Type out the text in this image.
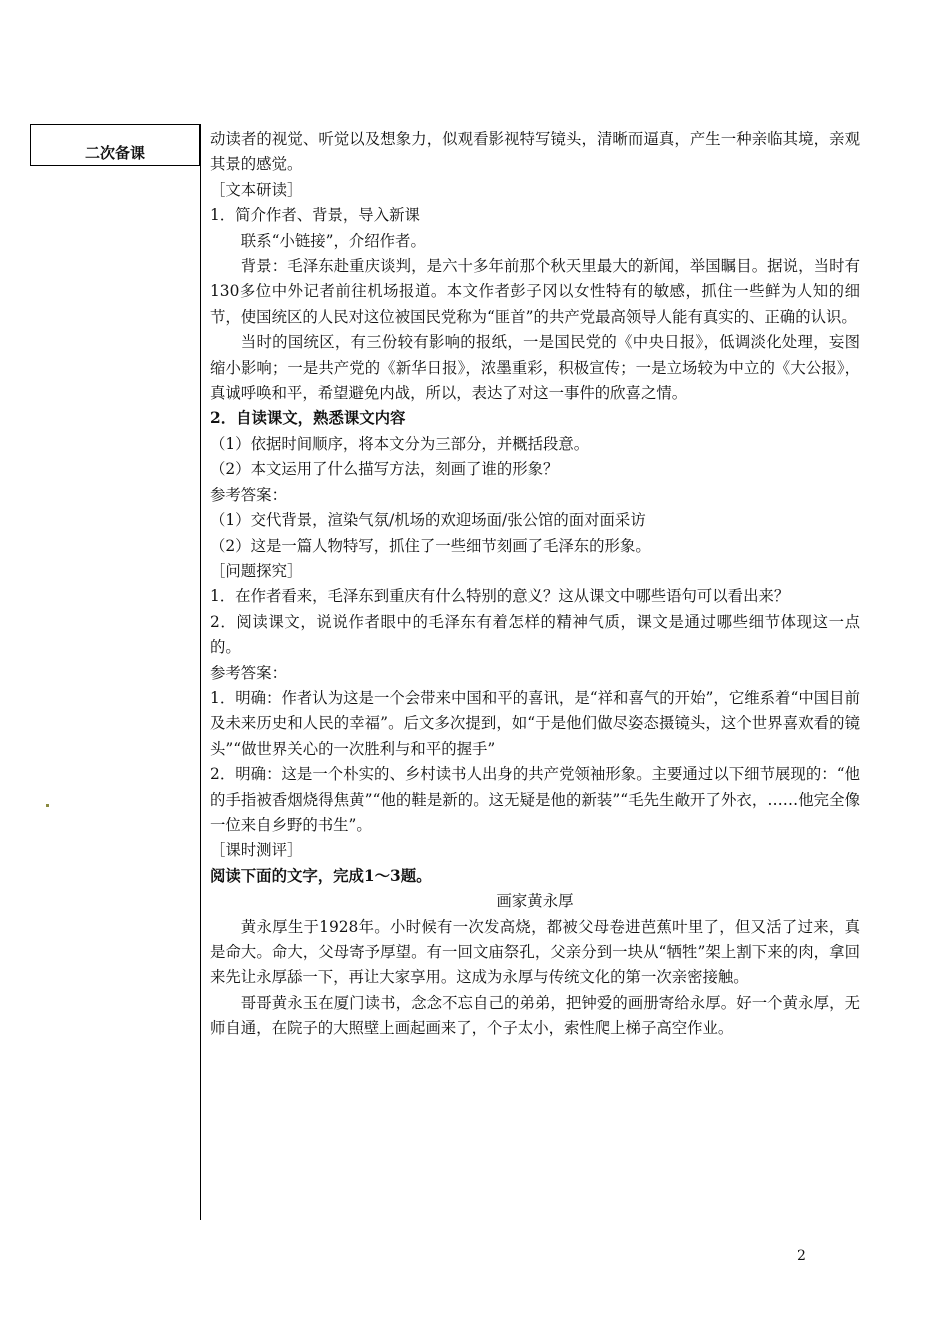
二次备课

动读者的视觉、听觉以及想象力，似观看影视特写镜头，清晰而逼真，产生一种亲临其境，亲观其景的感觉。

［文本研读］

1．简介作者、背景，导入新课

联系“小链接”，介绍作者。

背景：毛泽东赴重庆谈判，是六十多年前那个秋天里最大的新闻，举国瞩目。据说，当时有130多位中外记者前往机场报道。本文作者彭子冈以女性特有的敏感，抓住一些鲜为人知的细节，使国统区的人民对这位被国民党称为“匪首”的共产党最高领导人能有真实的、正确的认识。

当时的国统区，有三份较有影响的报纸，一是国民党的《中央日报》，低调淡化处理，妄图缩小影响；一是共产党的《新华日报》，浓墨重彩，积极宣传；一是立场较为中立的《大公报》，真诚呼唤和平，希望避免内战，所以，表达了对这一事件的欣喜之情。

2．自读课文，熟悉课文内容

（1）依据时间顺序，将本文分为三部分，并概括段意。

（2）本文运用了什么描写方法，刻画了谁的形象？

参考答案：

（1）交代背景，渲染气氛/机场的欢迎场面/张公馆的面对面采访

（2）这是一篇人物特写，抓住了一些细节刻画了毛泽东的形象。

［问题探究］

1．在作者看来，毛泽东到重庆有什么特别的意义？这从课文中哪些语句可以看出来？

2．阅读课文，说说作者眼中的毛泽东有着怎样的精神气质，课文是通过哪些细节体现这一点的。

参考答案：

1．明确：作者认为这是一个会带来中国和平的喜讯，是“祥和喜气的开始”，它维系着“中国目前及未来历史和人民的幸福”。后文多次提到，如“于是他们做尽姿态摄镜头，这个世界喜欢看的镜头”“做世界关心的一次胜利与和平的握手”

2．明确：这是一个朴实的、乡村读书人出身的共产党领袖形象。主要通过以下细节展现的：“他的手指被香烟烧得焦黄”“他的鞋是新的。这无疑是他的新装”“毛先生敞开了外衣，……他完全像一位来自乡野的书生”。

［课时测评］

阅读下面的文字，完成1～3题。

画家黄永厚

黄永厚生于1928年。小时候有一次发高烧，都被父母卷进芭蕉叶里了，但又活了过来，真是命大。命大，父母寄予厚望。有一回文庙祭孔，父亲分到一块从“牺牲”架上割下来的肉，拿回来先让永厚舔一下，再让大家享用。这成为永厚与传统文化的第一次亲密接触。

哥哥黄永玉在厦门读书，念念不忘自己的弟弟，把钟爱的画册寄给永厚。好一个黄永厚，无师自通，在院子的大照壁上画起画来了，个子太小，索性爬上梯子高空作业。

2
